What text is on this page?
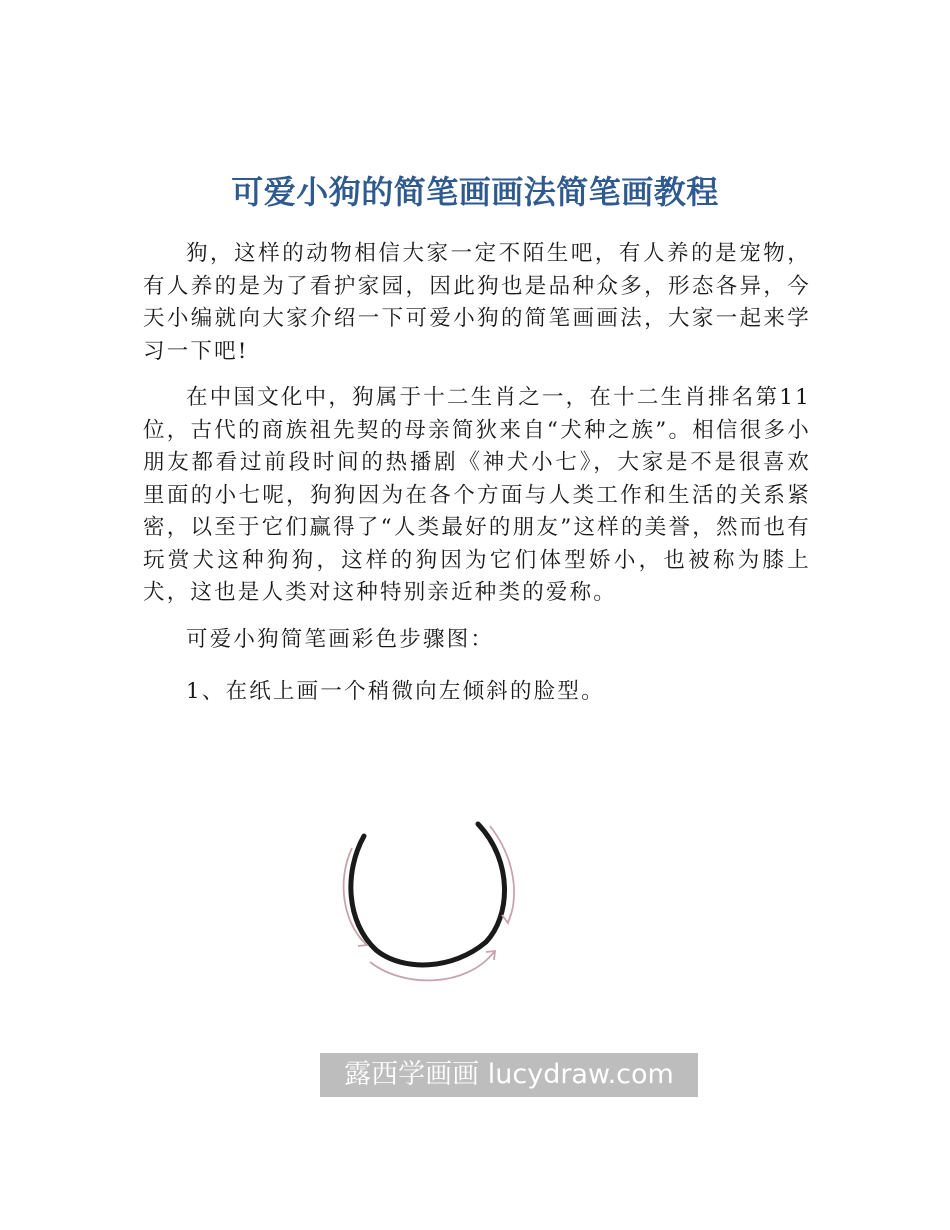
可爱小狗的简笔画画法简笔画教程

狗，这样的动物相信大家一定不陌生吧，有人养的是宠物，有人养的是为了看护家园，因此狗也是品种众多，形态各异，今天小编就向大家介绍一下可爱小狗的简笔画画法，大家一起来学习一下吧!

在中国文化中，狗属于十二生肖之一，在十二生肖排名第11位，古代的商族祖先契的母亲简狄来自“犬种之族”。相信很多小朋友都看过前段时间的热播剧《神犬小七》，大家是不是很喜欢里面的小七呢，狗狗因为在各个方面与人类工作和生活的关系紧密，以至于它们赢得了“人类最好的朋友”这样的美誉，然而也有玩赏犬这种狗狗，这样的狗因为它们体型娇小，也被称为膝上犬，这也是人类对这种特别亲近种类的爱称。

可爱小狗简笔画彩色步骤图：

1、在纸上画一个稍微向左倾斜的脸型。

露西学画画 lucydraw.com
